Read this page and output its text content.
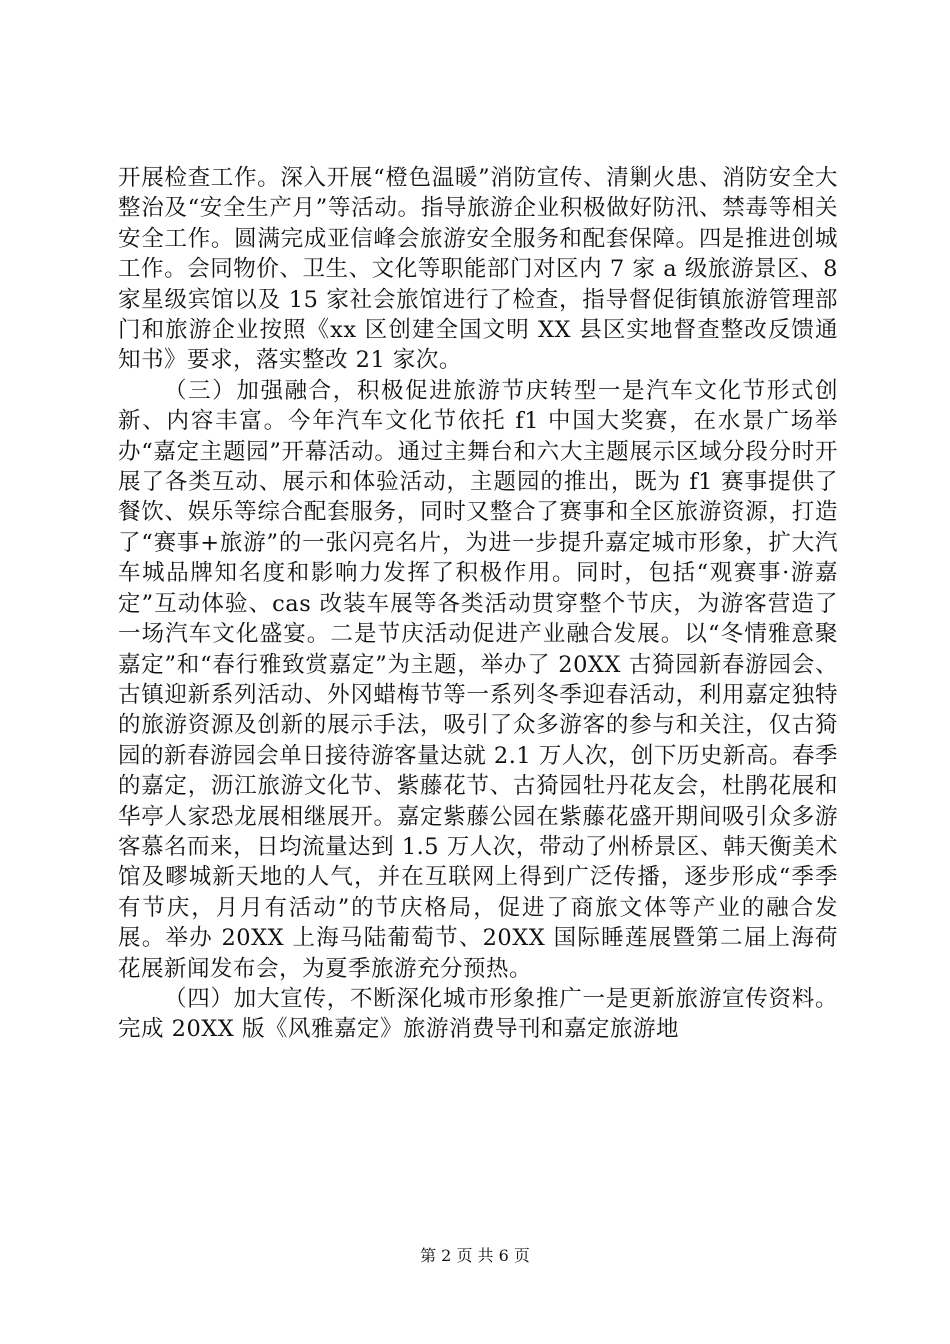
开展检查工作。深入开展“橙色温暖”消防宣传、清剿火患、消防安全大整治及“安全生产月”等活动。指导旅游企业积极做好防汛、禁毒等相关安全工作。圆满完成亚信峰会旅游安全服务和配套保障。四是推进创城工作。会同物价、卫生、文化等职能部门对区内 7 家 a 级旅游景区、8 家星级宾馆以及 15 家社会旅馆进行了检查，指导督促街镇旅游管理部门和旅游企业按照《xx 区创建全国文明 XX 县区实地督查整改反馈通知书》要求，落实整改 21 家次。

（三）加强融合，积极促进旅游节庆转型一是汽车文化节形式创新、内容丰富。今年汽车文化节依托 f1 中国大奖赛，在水景广场举办“嘉定主题园”开幕活动。通过主舞台和六大主题展示区域分段分时开展了各类互动、展示和体验活动，主题园的推出，既为 f1 赛事提供了餐饮、娱乐等综合配套服务，同时又整合了赛事和全区旅游资源，打造了“赛事+旅游”的一张闪亮名片，为进一步提升嘉定城市形象，扩大汽车城品牌知名度和影响力发挥了积极作用。同时，包括“观赛事·游嘉定”互动体验、cas 改装车展等各类活动贯穿整个节庆，为游客营造了一场汽车文化盛宴。二是节庆活动促进产业融合发展。以“冬情雅意聚嘉定”和“春行雅致赏嘉定”为主题，举办了 20XX 古猗园新春游园会、古镇迎新系列活动、外冈蜡梅节等一系列冬季迎春活动，利用嘉定独特的旅游资源及创新的展示手法，吸引了众多游客的参与和关注，仅古猗园的新春游园会单日接待游客量达就 2.1 万人次，创下历史新高。春季的嘉定，沥江旅游文化节、紫藤花节、古猗园牡丹花友会，杜鹃花展和华亭人家恐龙展相继展开。嘉定紫藤公园在紫藤花盛开期间吸引众多游客慕名而来，日均流量达到 1.5 万人次，带动了州桥景区、韩天衡美术馆及疁城新天地的人气，并在互联网上得到广泛传播，逐步形成“季季有节庆，月月有活动”的节庆格局，促进了商旅文体等产业的融合发展。举办 20XX 上海马陆葡萄节、20XX 国际睡莲展暨第二届上海荷花展新闻发布会，为夏季旅游充分预热。

（四）加大宣传，不断深化城市形象推广一是更新旅游宣传资料。完成 20XX 版《风雅嘉定》旅游消费导刊和嘉定旅游地

第 2 页 共 6 页
